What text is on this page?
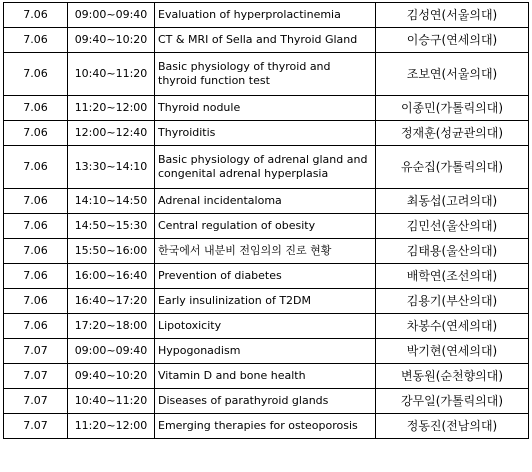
7.06	09:00~09:40	Evaluation of hyperprolactinemia	김성연(서울의대)
7.06	09:40~10:20	CT & MRI of Sella and Thyroid Gland	이승구(연세의대)
7.06	10:40~11:20	Basic physiology of thyroid and thyroid function test	조보연(서울의대)
7.06	11:20~12:00	Thyroid nodule	이종민(가톨릭의대)
7.06	12:00~12:40	Thyroiditis	정재훈(성균관의대)
7.06	13:30~14:10	Basic physiology of adrenal gland and congenital adrenal hyperplasia	유순집(가톨릭의대)
7.06	14:10~14:50	Adrenal incidentaloma	최동섭(고려의대)
7.06	14:50~15:30	Central regulation of obesity	김민선(울산의대)
7.06	15:50~16:00	한국에서 내분비 전임의의 진로 현황	김태용(울산의대)
7.06	16:00~16:40	Prevention of diabetes	배학연(조선의대)
7.06	16:40~17:20	Early insulinization of T2DM	김용기(부산의대)
7.06	17:20~18:00	Lipotoxicity	차봉수(연세의대)
7.07	09:00~09:40	Hypogonadism	박기현(연세의대)
7.07	09:40~10:20	Vitamin D and bone health	변동원(순천향의대)
7.07	10:40~11:20	Diseases of parathyroid glands	강무일(가톨릭의대)
7.07	11:20~12:00	Emerging therapies for osteoporosis	정동진(전남의대)
